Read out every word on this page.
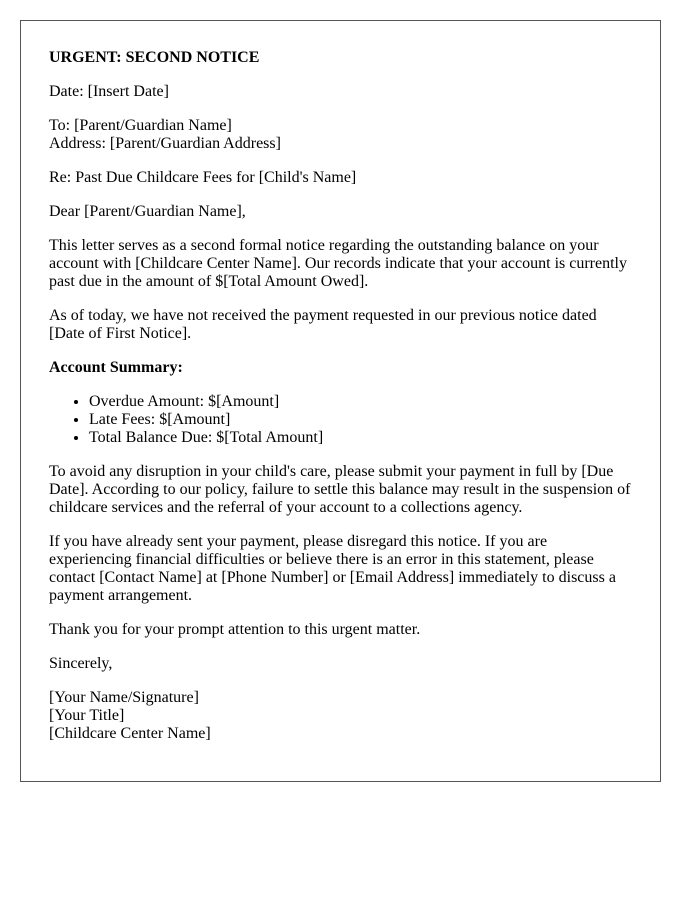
URGENT: SECOND NOTICE

Date: [Insert Date]

To: [Parent/Guardian Name]
Address: [Parent/Guardian Address]

Re: Past Due Childcare Fees for [Child's Name]

Dear [Parent/Guardian Name],

This letter serves as a second formal notice regarding the outstanding balance on your account with [Childcare Center Name]. Our records indicate that your account is currently past due in the amount of $[Total Amount Owed].

As of today, we have not received the payment requested in our previous notice dated [Date of First Notice].

Account Summary:

• Overdue Amount: $[Amount]
• Late Fees: $[Amount]
• Total Balance Due: $[Total Amount]

To avoid any disruption in your child's care, please submit your payment in full by [Due Date]. According to our policy, failure to settle this balance may result in the suspension of childcare services and the referral of your account to a collections agency.

If you have already sent your payment, please disregard this notice. If you are experiencing financial difficulties or believe there is an error in this statement, please contact [Contact Name] at [Phone Number] or [Email Address] immediately to discuss a payment arrangement.

Thank you for your prompt attention to this urgent matter.

Sincerely,

[Your Name/Signature]
[Your Title]
[Childcare Center Name]
